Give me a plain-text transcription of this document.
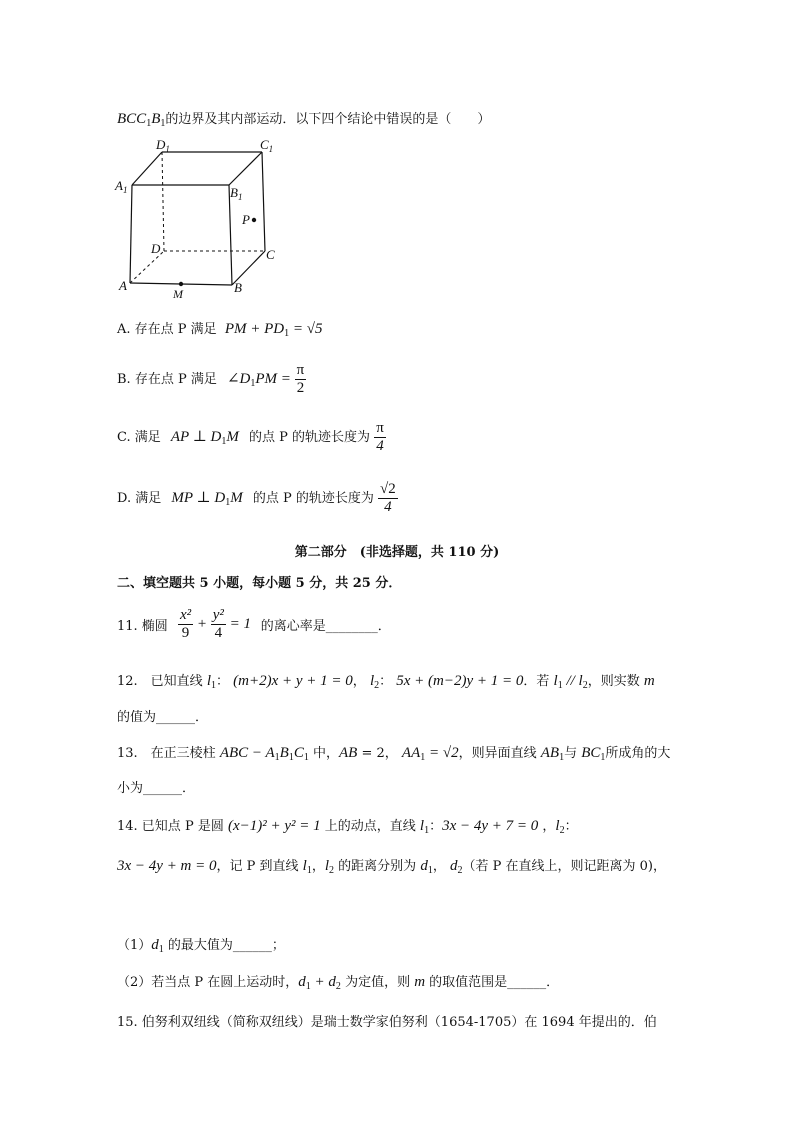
$BCC_1B_1$的边界及其内部运动．以下四个结论中错误的是（　　）
$D_1$	$C_1$
$A_1$	$B_1$
P
D	C
A
M	B
A. 存在点 P 满足 PM + $PD_1 = √5$
B. 存在点 P 满足 $\angle D_1PM = \frac{\pi}{2}$
C. 满足 AP ⊥ $D_1M$ 的点 P 的轨迹长度为 $\frac{\pi}{4}$
D. 满足 MP ⊥ $D_1M$ 的点 P 的轨迹长度为 $\frac{√2}{4}$
第二部分　(非选择题，共 110 分)
二、填空题共 5 小题，每小题 5 分，共 25 分．
11. 椭圆 $\frac{\text{x²}}{9} + \frac{\text{y²}}{4} = 1$ 的离心率是________．
12.　已知直线 $l_1$： (m+2)x + y + 1 = 0， $l_2$： 5x + (m−2)y + 1 = 0．若 $l_1 // l_2$，则实数 m
的值为______．
13.　在正三棱柱 ABC − $A_1B_1C_1$ 中，AB = 2， $AA_1 = √2$，则异面直线 $AB_1$与 $BC_1$所成角的大
小为______．
14. 已知点 P 是圆 (x−1)² + y² = 1 上的动点，直线 $l_1$：3x − 4y + 7 = 0 ，$l_2$：
3x − 4y + m = 0，记 P 到直线 $l_1$，$l_2$ 的距离分别为 $d_1$， $d_2$（若 P 在直线上，则记距离为 0)，
$(1)d_1$ 的最大值为______；
（2）若当点 P 在圆上运动时，$d_1 + d_2$ 为定值，则 m 的取值范围是______．
15. 伯努利双纽线（简称双纽线）是瑞士数学家伯努利（1654-1705）在 1694 年提出的．伯
